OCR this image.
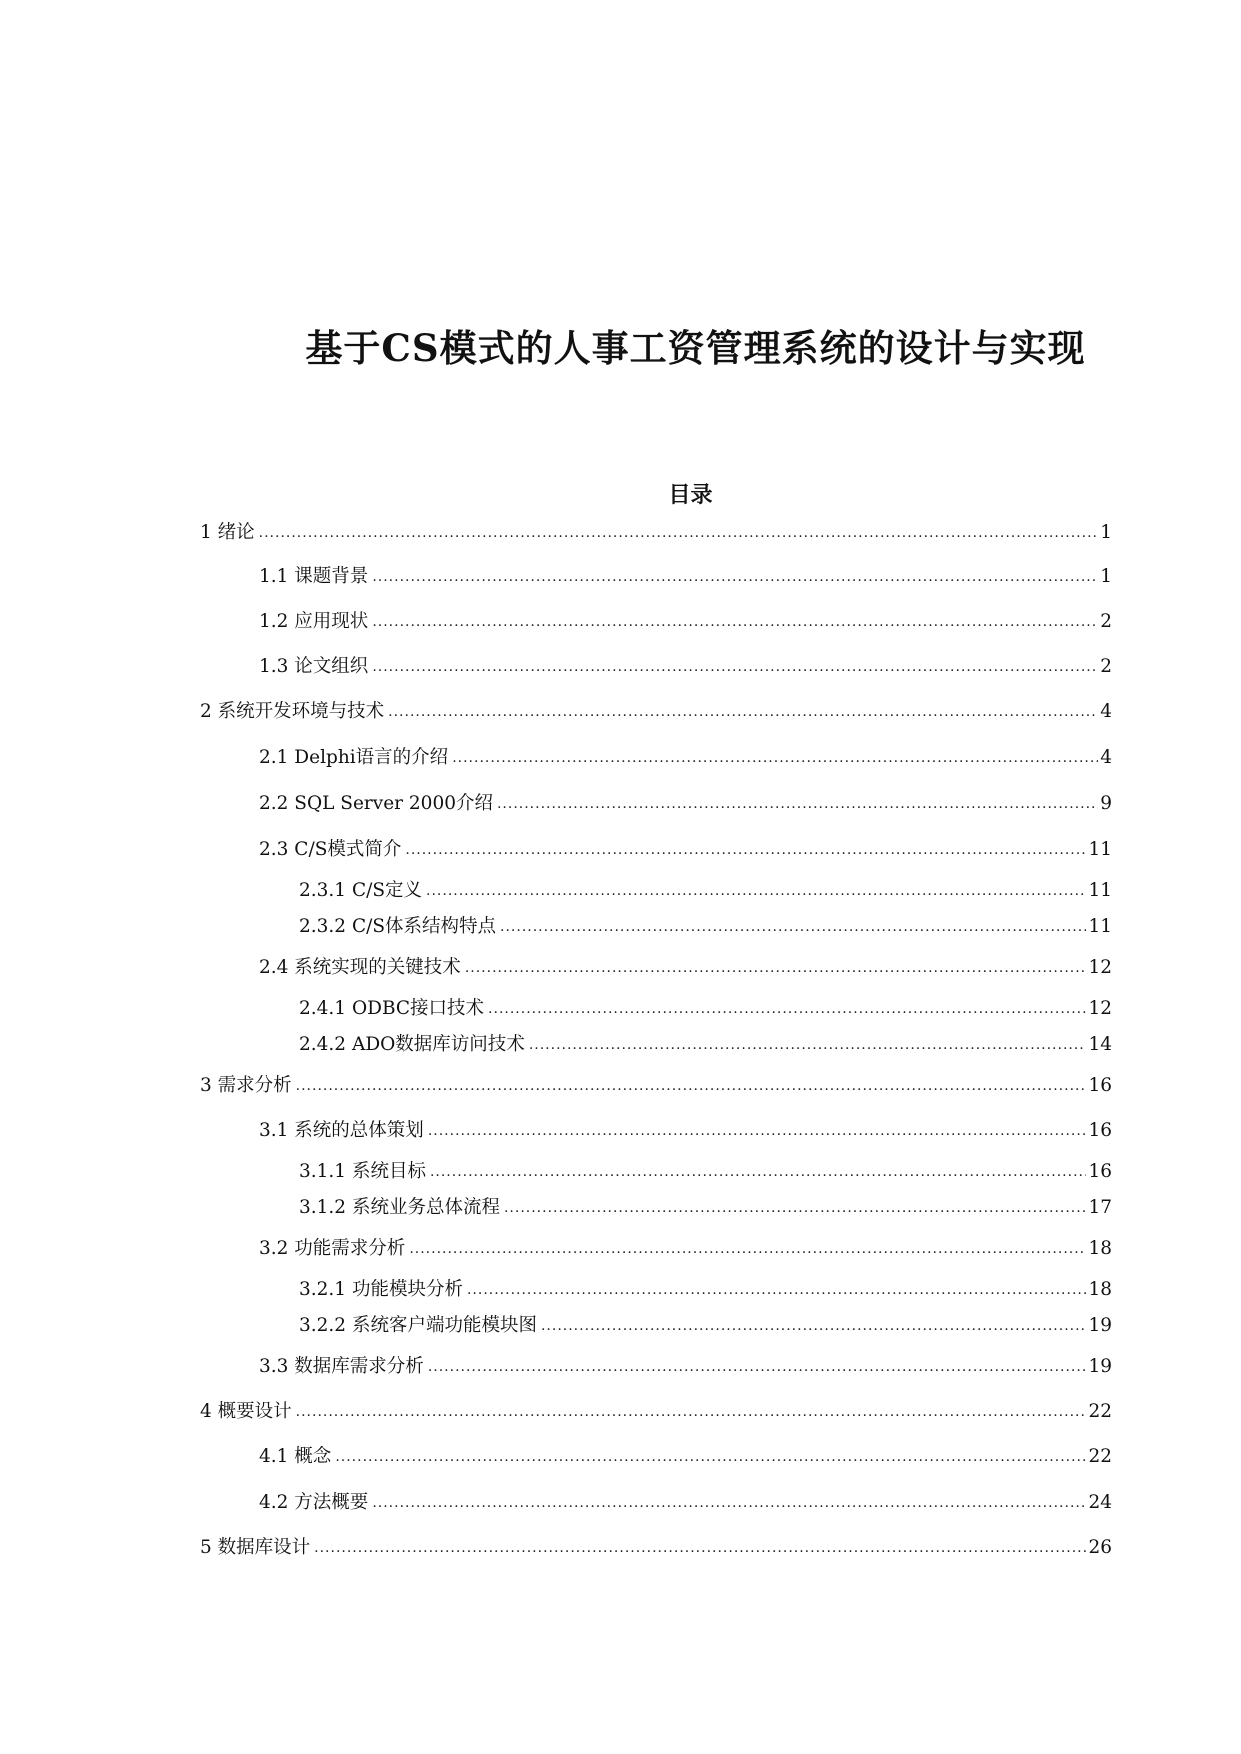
基于CS模式的人事工资管理系统的设计与实现
目录
1 绪论 .....	1
1.1 课题背景 .....	1
1.2 应用现状 .....	2
1.3 论文组织 .....	2
2 系统开发环境与技术 .....	4
2.1 Delphi语言的介绍 .....	4
2.2 SQL Server 2000介绍 .....	9
2.3 C/S模式简介 .....	11
2.3.1 C/S定义 .....	11
2.3.2 C/S体系结构特点 .....	11
2.4 系统实现的关键技术 .....	12
2.4.1 ODBC接口技术 .....	12
2.4.2 ADO数据库访问技术 .....	14
3 需求分析 .....	16
3.1 系统的总体策划 .....	16
3.1.1 系统目标 .....	16
3.1.2 系统业务总体流程 .....	17
3.2 功能需求分析 .....	18
3.2.1 功能模块分析 .....	18
3.2.2 系统客户端功能模块图 .....	19
3.3 数据库需求分析 .....	19
4 概要设计 .....	22
4.1 概念 .....	22
4.2 方法概要 .....	24
5 数据库设计 .....	26
